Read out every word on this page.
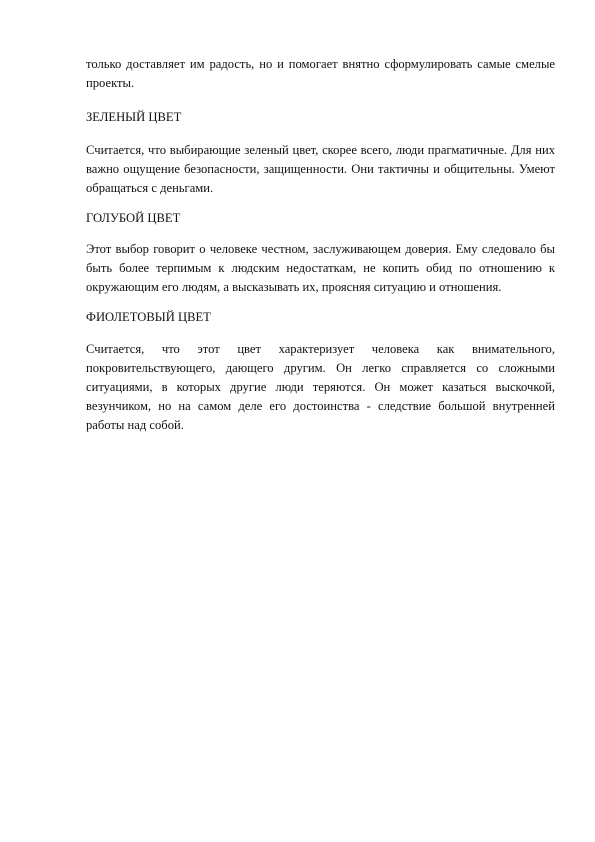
только доставляет им радость, но и помогает внятно сформулировать самые смелые проекты.

ЗЕЛЕНЫЙ ЦВЕТ

Считается, что выбирающие зеленый цвет, скорее всего, люди прагматичные. Для них важно ощущение безопасности, защищенности. Они тактичны и общительны. Умеют обращаться с деньгами.

ГОЛУБОЙ ЦВЕТ

Этот выбор говорит о человеке честном, заслуживающем доверия. Ему следовало бы быть более терпимым к людским недостаткам, не копить обид по отношению к окружающим его людям, а высказывать их, проясняя ситуацию и отношения.

ФИОЛЕТОВЫЙ ЦВЕТ

Считается, что этот цвет характеризует человека как внимательного, покровительствующего, дающего другим. Он легко справляется со сложными ситуациями, в которых другие люди теряются. Он может казаться выскочкой, везунчиком, но на самом деле его достоинства - следствие большой внутренней работы над собой.
